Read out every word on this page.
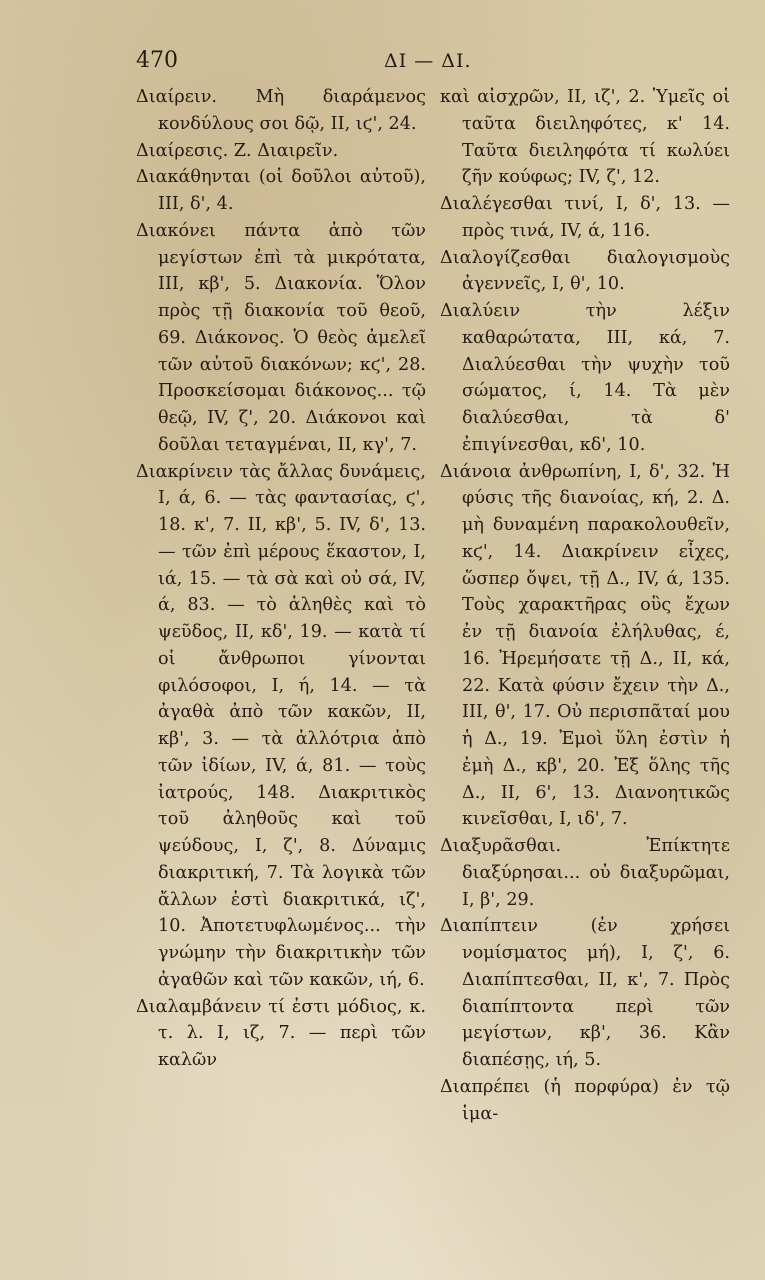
470	ΔΙ — ΔΙ.
Διαίρειν. Μὴ διαράμενος κονδύλους σοι δῷ, II, ιϛ', 24.
Διαίρεσις. Ζ. Διαιρεῖν.
Διακάθηνται (οἱ δοῦλοι αὐτοῦ), III, δ', 4.
Διακόνει πάντα ἀπὸ τῶν μεγίστων ἐπὶ τὰ μικρότατα, III, κβ', 5. Διακονία. Ὅλον πρὸς τῇ διακονία τοῦ θεοῦ, 69. Διάκονος. Ὁ θεὸς ἀμελεῖ τῶν αὐτοῦ διακόνων; κϛ', 28. Προσκείσομαι διάκονος... τῷ θεῷ, IV, ζ', 20. Διάκονοι καὶ δοῦλαι τεταγμέναι, II, κγ', 7.
Διακρίνειν τὰς ἄλλας δυνάμεις, I, ά, 6. — τὰς φαντασίας, ϛ', 18. κ', 7. II, κβ', 5. IV, δ', 13. — τῶν ἐπὶ μέρους ἕκαστον, I, ιά, 15. — τὰ σὰ καὶ οὐ σά, IV, ά, 83. — τὸ ἀληθὲς καὶ τὸ ψεῦδος, II, κδ', 19. — κατὰ τί οἱ ἄνθρωποι γίνονται φιλόσοφοι, I, ή, 14. — τὰ ἀγαθὰ ἀπὸ τῶν κακῶν, II, κβ', 3. — τὰ ἀλλότρια ἀπὸ τῶν ἰδίων, IV, ά, 81. — τοὺς ἰατρούς, 148. Διακριτικὸς τοῦ ἀληθοῦς καὶ τοῦ ψεύδους, I, ζ', 8. Δύναμις διακριτική, 7. Τὰ λογικὰ τῶν ἄλλων ἐστὶ διακριτικά, ιζ', 10. Ἀποτετυφλωμένος... τὴν γνώμην τὴν διακριτικὴν τῶν ἀγαθῶν καὶ τῶν κακῶν, ιή, 6.
Διαλαμβάνειν τί ἐστι μόδιος, κ. τ. λ. I, ιζ, 7. — περὶ τῶν καλῶν
καὶ αἰσχρῶν, II, ιζ', 2. Ὑμεῖς οἱ ταῦτα διειληφότες, κ' 14. Ταῦτα διειληφότα τί κωλύει ζῆν κούφως; IV, ζ', 12.
Διαλέγεσθαι τινί, I, δ', 13. — πρὸς τινά, IV, ά, 116.
Διαλογίζεσθαι διαλογισμοὺς ἀγεννεῖς, I, θ', 10.
Διαλύειν τὴν λέξιν καθαρώτατα, III, κά, 7. Διαλύεσθαι τὴν ψυχὴν τοῦ σώματος, ί, 14. Τὰ μὲν διαλύεσθαι, τὰ δ' ἐπιγίνεσθαι, κδ', 10.
Διάνοια ἀνθρωπίνη, I, δ', 32. Ἡ φύσις τῆς διανοίας, κή, 2. Δ. μὴ δυναμένη παρακολουθεῖν, κϛ', 14. Διακρίνειν εἶχες, ὥσπερ ὄψει, τῇ Δ., IV, ά, 135. Τοὺς χαρακτῆρας οὓς ἔχων ἐν τῇ διανοία ἐλήλυθας, έ, 16. Ἠρεμήσατε τῇ Δ., II, κά, 22. Κατὰ φύσιν ἔχειν τὴν Δ., III, θ', 17. Οὐ περισπᾶταί μου ἡ Δ., 19. Ἐμοὶ ὕλη ἐστὶν ἡ ἐμὴ Δ., κβ', 20. Ἐξ ὅλης τῆς Δ., II, 6', 13. Διανοητικῶς κινεῖσθαι, I, ιδ', 7.
Διαξυρᾶσθαι. Ἐπίκτητε διαξύρησαι... οὐ διαξυρῶμαι, I, β', 29.
Διαπίπτειν (ἐν χρήσει νομίσματος μή), I, ζ', 6. Διαπίπτεσθαι, II, κ', 7. Πρὸς διαπίπτοντα περὶ τῶν μεγίστων, κβ', 36. Κἂν διαπέσῃς, ιή, 5.
Διαπρέπει (ἡ πορφύρα) ἐν τῷ ἱμα-
